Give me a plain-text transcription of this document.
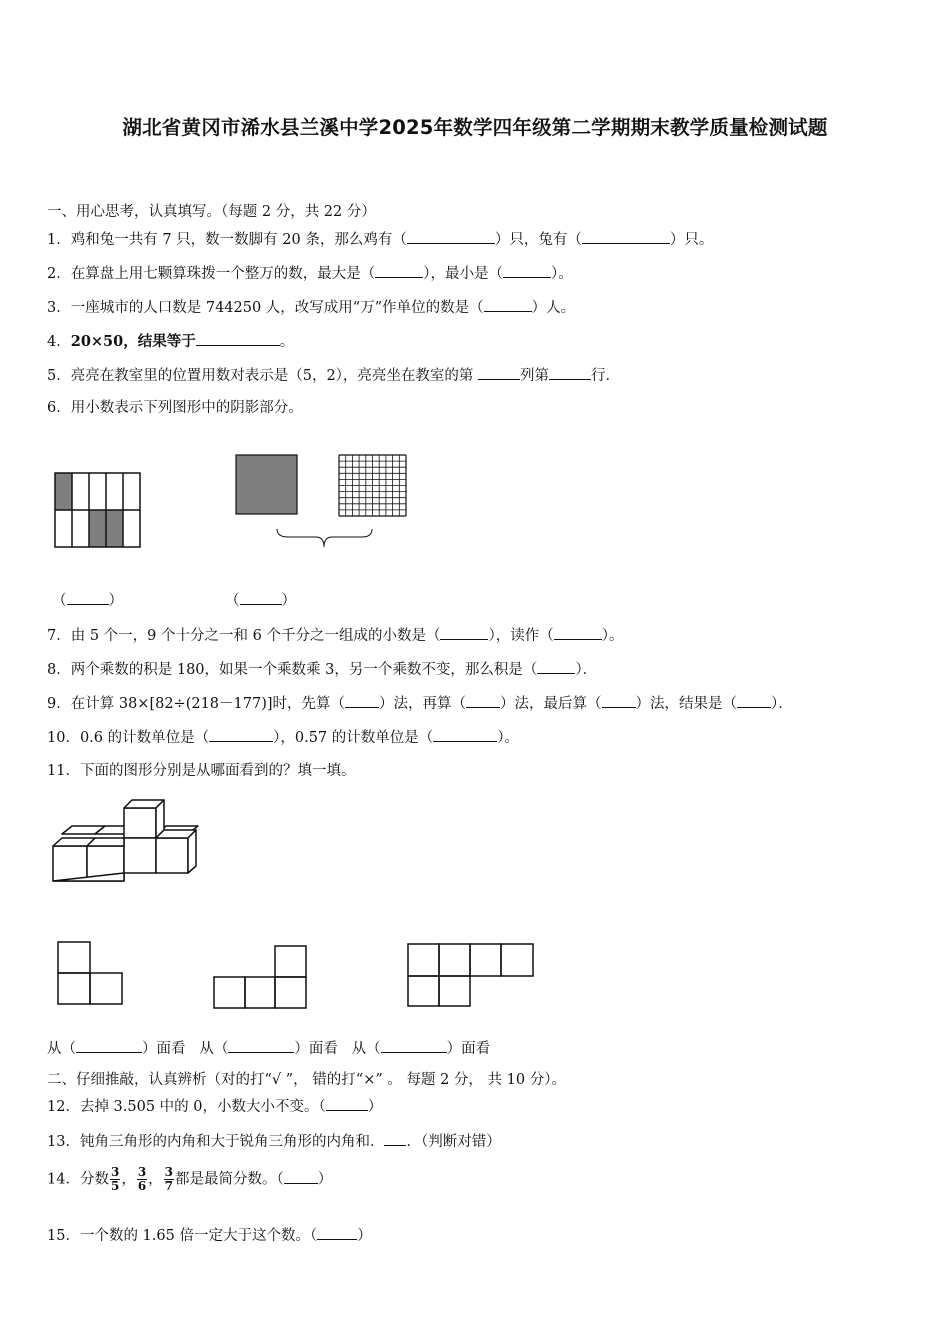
湖北省黄冈市浠水县兰溪中学2025年数学四年级第二学期期末教学质量检测试题
一、用心思考，认真填写。（每题 2 分，共 22 分）
1．鸡和兔一共有 7 只，数一数脚有 20 条，那么鸡有（	）只，兔有（	）只。
2．在算盘上用七颗算珠拨一个整万的数，最大是（	），最小是（	）。
3．一座城市的人口数是 744250 人，改写成用“万”作单位的数是（	）人。
4．20×50，结果等于	。
5．亮亮在教室里的位置用数对表示是（5，2），亮亮坐在教室的第	列第	行．
6．用小数表示下列图形中的阴影部分。
（	）	（	）
7．由 5 个一，9 个十分之一和 6 个千分之一组成的小数是（	），读作（	）。
8．两个乘数的积是 180，如果一个乘数乘 3，另一个乘数不变，那么积是（	）．
9．在计算 38×[82÷(218－177)]时，先算（ ）法，再算（ ）法，最后算（ ）法，结果是（ ）．
10．0.6 的计数单位是（	），0.57 的计数单位是（	）。
11．下面的图形分别是从哪面看到的？填一填。
从（	）面看 从（	）面看 从（	）面看
二、仔细推敲，认真辨析（对的打“√ ”， 错的打“×” 。 每题 2 分， 共 10 分）。
12．去掉 3.505 中的 0，小数大小不变。（	）
13．钝角三角形的内角和大于锐角三角形的内角和． ．（判断对错）
14．分数 $\frac{3}{5}$ ， $\frac{3}{6}$ ， $\frac{3}{7}$ 都是最简分数。（ ）
15．一个数的 1.65 倍一定大于这个数。（	）
